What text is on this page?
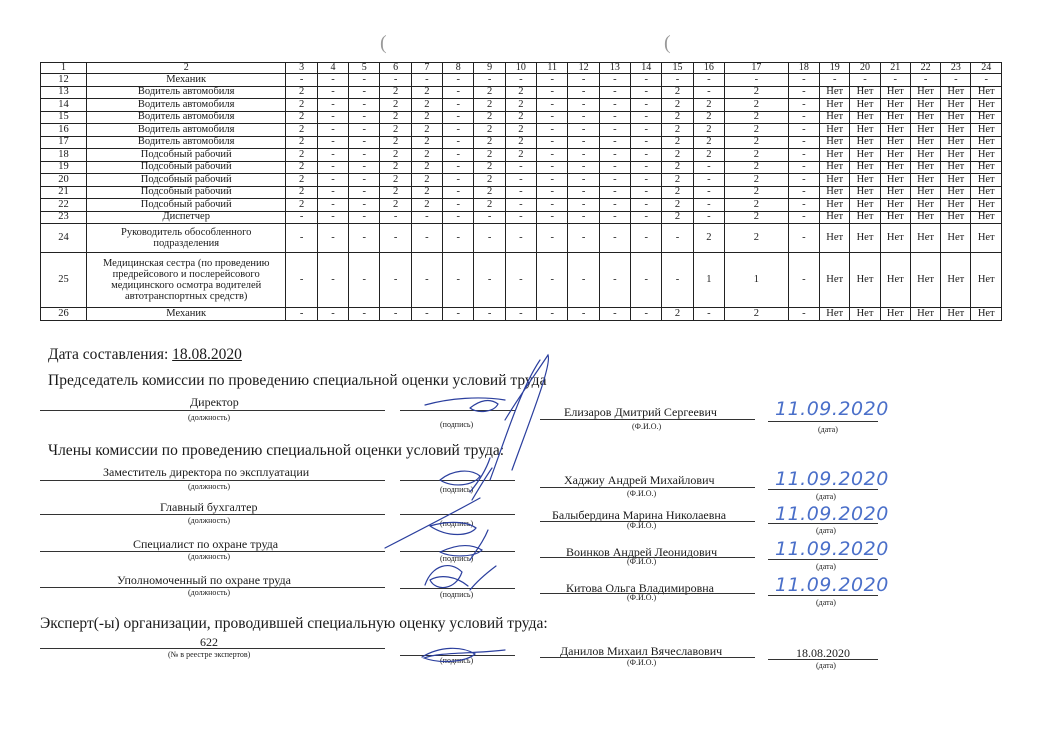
(	(
1	2	3	4	5	6	7	8	9	10	11	12	13	14	15	16	17	18	19	20	21	22	23	24
12	Механик	-	-	-	-	-	-	-	-	-	-	-	-	-	-	-	-	-	-	-	-	-	-
13	Водитель автомобиля	2	-	-	2	2	-	2	2	-	-	-	-	2	-	2	-	Нет	Нет	Нет	Нет	Нет	Нет
14	Водитель автомобиля	2	-	-	2	2	-	2	2	-	-	-	-	2	2	2	-	Нет	Нет	Нет	Нет	Нет	Нет
15	Водитель автомобиля	2	-	-	2	2	-	2	2	-	-	-	-	2	2	2	-	Нет	Нет	Нет	Нет	Нет	Нет
16	Водитель автомобиля	2	-	-	2	2	-	2	2	-	-	-	-	2	2	2	-	Нет	Нет	Нет	Нет	Нет	Нет
17	Водитель автомобиля	2	-	-	2	2	-	2	2	-	-	-	-	2	2	2	-	Нет	Нет	Нет	Нет	Нет	Нет
18	Подсобный рабочий	2	-	-	2	2	-	2	2	-	-	-	-	2	2	2	-	Нет	Нет	Нет	Нет	Нет	Нет
19	Подсобный рабочий	2	-	-	2	2	-	2	-	-	-	-	-	2	-	2	-	Нет	Нет	Нет	Нет	Нет	Нет
20	Подсобный рабочий	2	-	-	2	2	-	2	-	-	-	-	-	2	-	2	-	Нет	Нет	Нет	Нет	Нет	Нет
21	Подсобный рабочий	2	-	-	2	2	-	2	-	-	-	-	-	2	-	2	-	Нет	Нет	Нет	Нет	Нет	Нет
22	Подсобный рабочий	2	-	-	2	2	-	2	-	-	-	-	-	2	-	2	-	Нет	Нет	Нет	Нет	Нет	Нет
23	Диспетчер	-	-	-	-	-	-	-	-	-	-	-	-	2	-	2	-	Нет	Нет	Нет	Нет	Нет	Нет
24	Руководитель обособленного подразделения	-	-	-	-	-	-	-	-	-	-	-	-	-	2	2	-	Нет	Нет	Нет	Нет	Нет	Нет
25	Медицинская сестра (по проведению предрейсового и послерейсового медицинского осмотра водителей автотранспортных средств)	-	-	-	-	-	-	-	-	-	-	-	-	-	1	1	-	Нет	Нет	Нет	Нет	Нет	Нет
26	Механик	-	-	-	-	-	-	-	-	-	-	-	-	2	-	2	-	Нет	Нет	Нет	Нет	Нет	Нет
Дата составления: 18.08.2020
Председатель комиссии по проведению специальной оценки условий труда
Директор
(должность)
(подпись)
Елизаров Дмитрий Сергеевич
(Ф.И.О.)
11.09.2020
(дата)
Члены комиссии по проведению специальной оценки условий труда:
Заместитель директора по эксплуатации
(должность)	(подпись)
Хаджиу Андрей Михайлович
(Ф.И.О.)
11.09.2020
(дата)
Главный бухгалтер
(должность)	(подпись)
Балыбердина Марина Николаевна
(Ф.И.О.)
11.09.2020
(дата)
Специалист по охране труда
(должность)	(подпись)	Воинков Андрей Леонидович
(Ф.И.О.)
11.09.2020
(дата)
Уполномоченный по охране труда
(должность)	(подпись)	Китова Ольга Владимировна
(Ф.И.О.)
11.09.2020
(дата)
Эксперт(-ы) организации, проводившей специальную оценку условий труда:
622
(№ в реестре экспертов)
(подпись)
Данилов Михаил Вячеславович
(Ф.И.О.)
18.08.2020
(дата)
